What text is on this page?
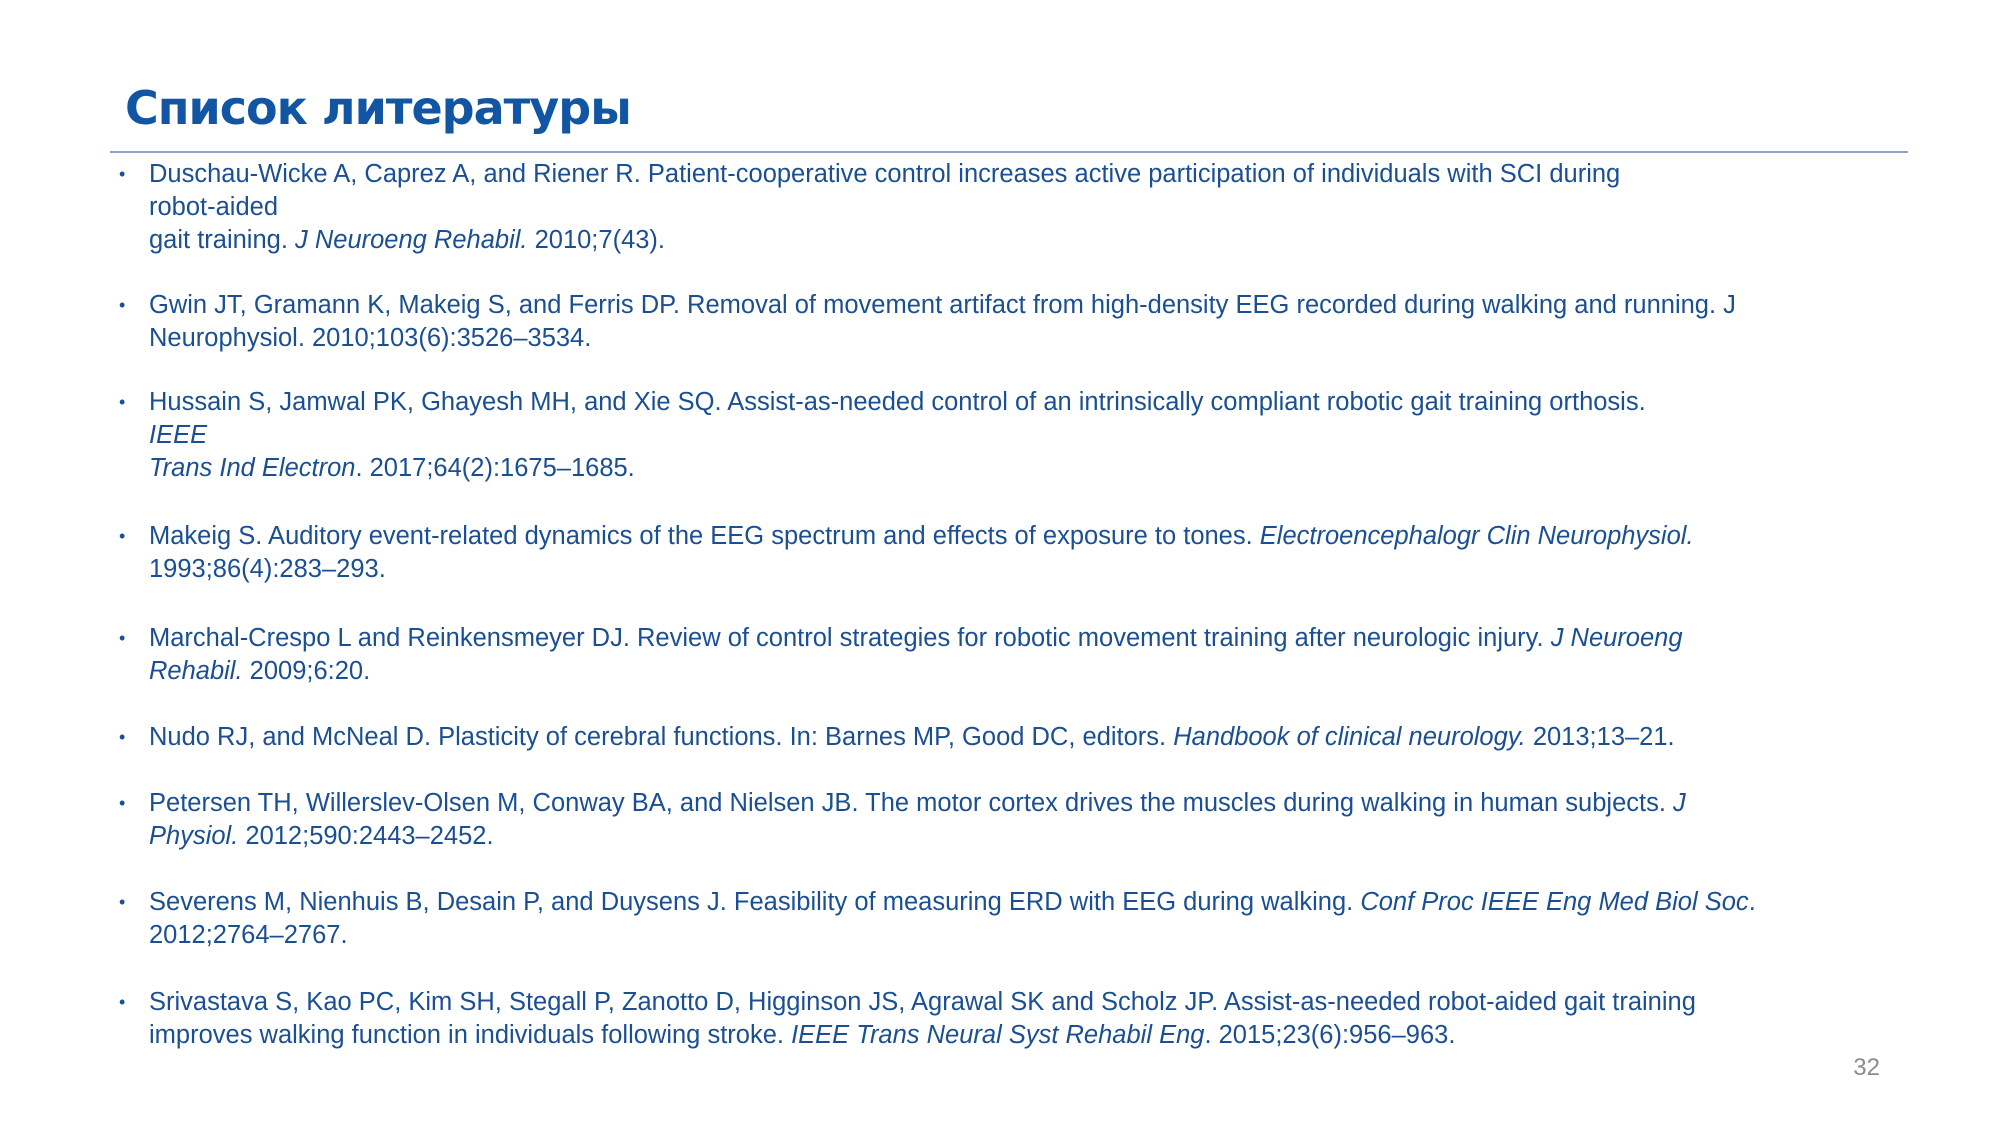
Список литературы
• Duschau-Wicke A, Caprez A, and Riener R. Patient-cooperative control increases active participation of individuals with SCI during
robot-aided
gait training. J Neuroeng Rehabil. 2010;7(43).
• Gwin JT, Gramann K, Makeig S, and Ferris DP. Removal of movement artifact from high-density EEG recorded during walking and running. J
Neurophysiol. 2010;103(6):3526–3534.
• Hussain S, Jamwal PK, Ghayesh MH, and Xie SQ. Assist-as-needed control of an intrinsically compliant robotic gait training orthosis.
IEEE
Trans Ind Electron. 2017;64(2):1675–1685.
• Makeig S. Auditory event-related dynamics of the EEG spectrum and effects of exposure to tones. Electroencephalogr Clin Neurophysiol.
1993;86(4):283–293.
• Marchal-Crespo L and Reinkensmeyer DJ. Review of control strategies for robotic movement training after neurologic injury. J Neuroeng
Rehabil. 2009;6:20.
• Nudo RJ, and McNeal D. Plasticity of cerebral functions. In: Barnes MP, Good DC, editors. Handbook of clinical neurology. 2013;13–21.
• Petersen TH, Willerslev-Olsen M, Conway BA, and Nielsen JB. The motor cortex drives the muscles during walking in human subjects. J
Physiol. 2012;590:2443–2452.
• Severens M, Nienhuis B, Desain P, and Duysens J. Feasibility of measuring ERD with EEG during walking. Conf Proc IEEE Eng Med Biol Soc.
2012;2764–2767.
• Srivastava S, Kao PC, Kim SH, Stegall P, Zanotto D, Higginson JS, Agrawal SK and Scholz JP. Assist-as-needed robot-aided gait training
improves walking function in individuals following stroke. IEEE Trans Neural Syst Rehabil Eng. 2015;23(6):956–963.
32
